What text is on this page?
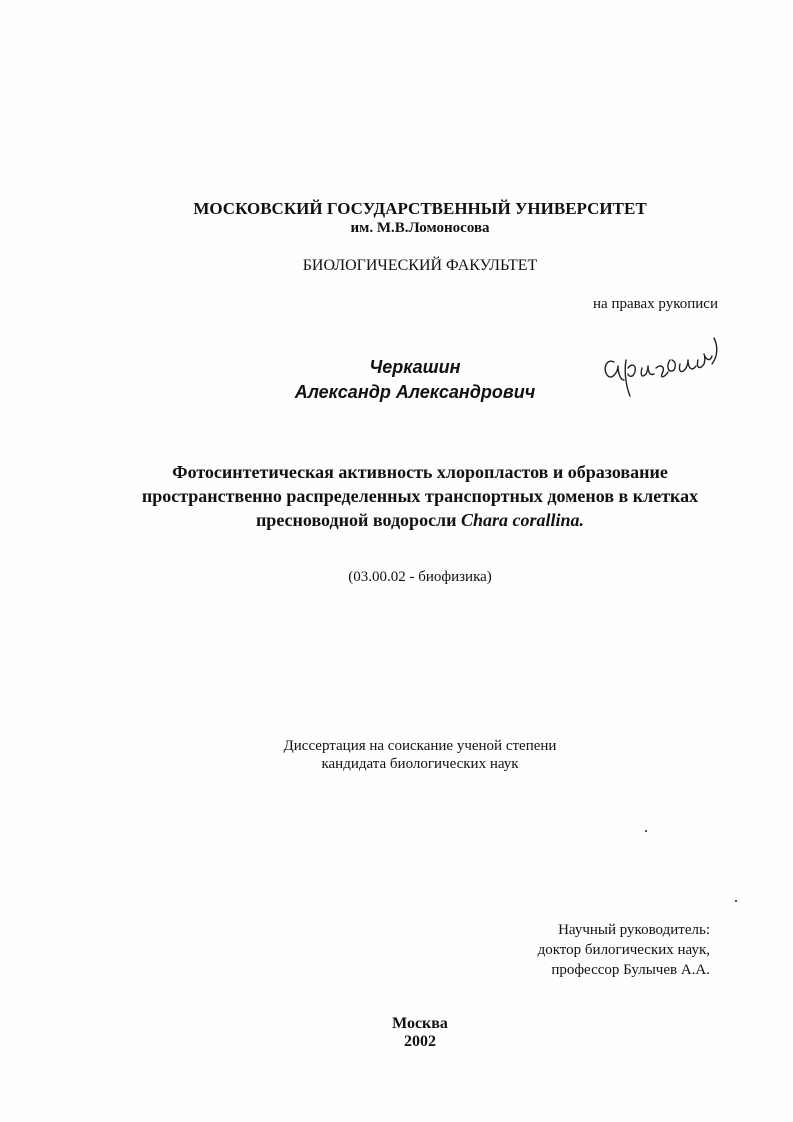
МОСКОВСКИЙ ГОСУДАРСТВЕННЫЙ УНИВЕРСИТЕТ
им. М.В.Ломоносова
БИОЛОГИЧЕСКИЙ ФАКУЛЬТЕТ
на правах рукописи
Черкашин
Александр Александрович
Фотосинтетическая активность хлоропластов и образование
пространственно распределенных транспортных доменов в клетках
пресноводной водоросли Chara corallina.
(03.00.02 - биофизика)
Диссертация на соискание ученой степени
кандидата биологических наук
Научный руководитель:
доктор билогических наук,
профессор Булычев А.А.
Москва
2002
